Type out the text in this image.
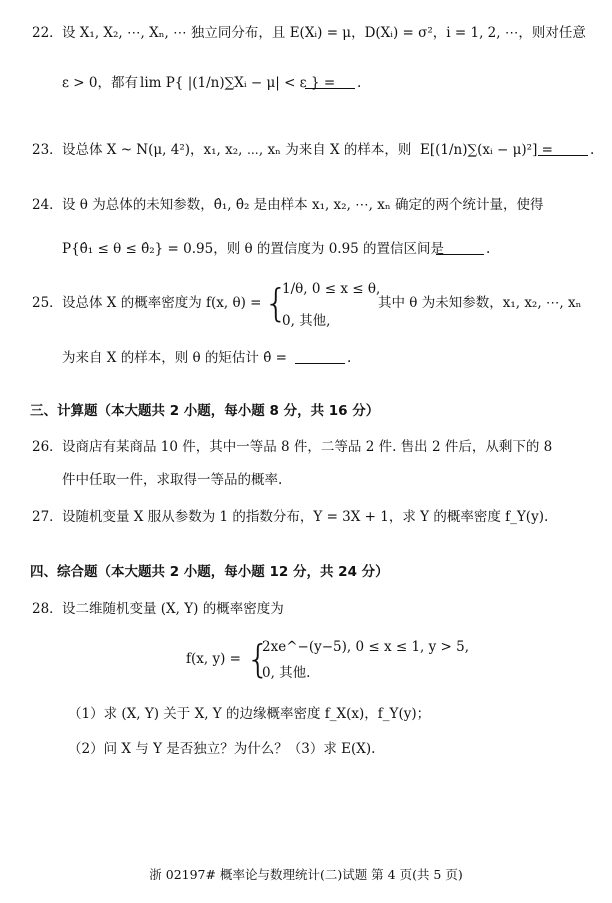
22． 设 X₁, X₂, ⋯, Xₙ, ⋯ 独立同分布，且 E(Xᵢ) = μ，D(Xᵢ) = σ²，i = 1, 2, ⋯，则对任意
ε > 0，都有 lim P{ |(1/n)∑Xᵢ − μ| < ε } = .
23． 设总体 X ~ N(μ, 4²)，x₁, x₂, ⋯, xₙ 为来自 X 的样本，则 E[(1/n)∑(xᵢ − μ)²] =	.
24． 设 θ 为总体的未知参数，θ̂₁, θ̂₂ 是由样本 x₁, x₂, ⋯, xₙ 确定的两个统计量，使得
P{θ̂₁ ≤ θ ≤ θ̂₂} = 0.95，则 θ 的置信度为 0.95 的置信区间是	.
25． 设总体 X 的概率密度为 f(x, θ) = {
1/θ, 0 ≤ x ≤ θ,
0, 其他,
其中 θ 为未知参数，x₁, x₂, ⋯, xₙ
为来自 X 的样本，则 θ 的矩估计 θ̂ =	.
三、计算题（本大题共 2 小题，每小题 8 分，共 16 分）
26． 设商店有某商品 10 件，其中一等品 8 件，二等品 2 件. 售出 2 件后，从剩下的 8
件中任取一件，求取得一等品的概率.
27． 设随机变量 X 服从参数为 1 的指数分布，Y = 3X + 1，求 Y 的概率密度 f_Y(y).
四、综合题（本大题共 2 小题，每小题 12 分，共 24 分）
28． 设二维随机变量 (X, Y) 的概率密度为
f(x, y) = {
2xe^−(y−5), 0 ≤ x ≤ 1, y > 5,
0, 其他.
（1）求 (X, Y) 关于 X, Y 的边缘概率密度 f_X(x)，f_Y(y)；
（2）问 X 与 Y 是否独立？为什么？（3）求 E(X).
浙 02197# 概率论与数理统计(二)试题 第 4 页(共 5 页)
